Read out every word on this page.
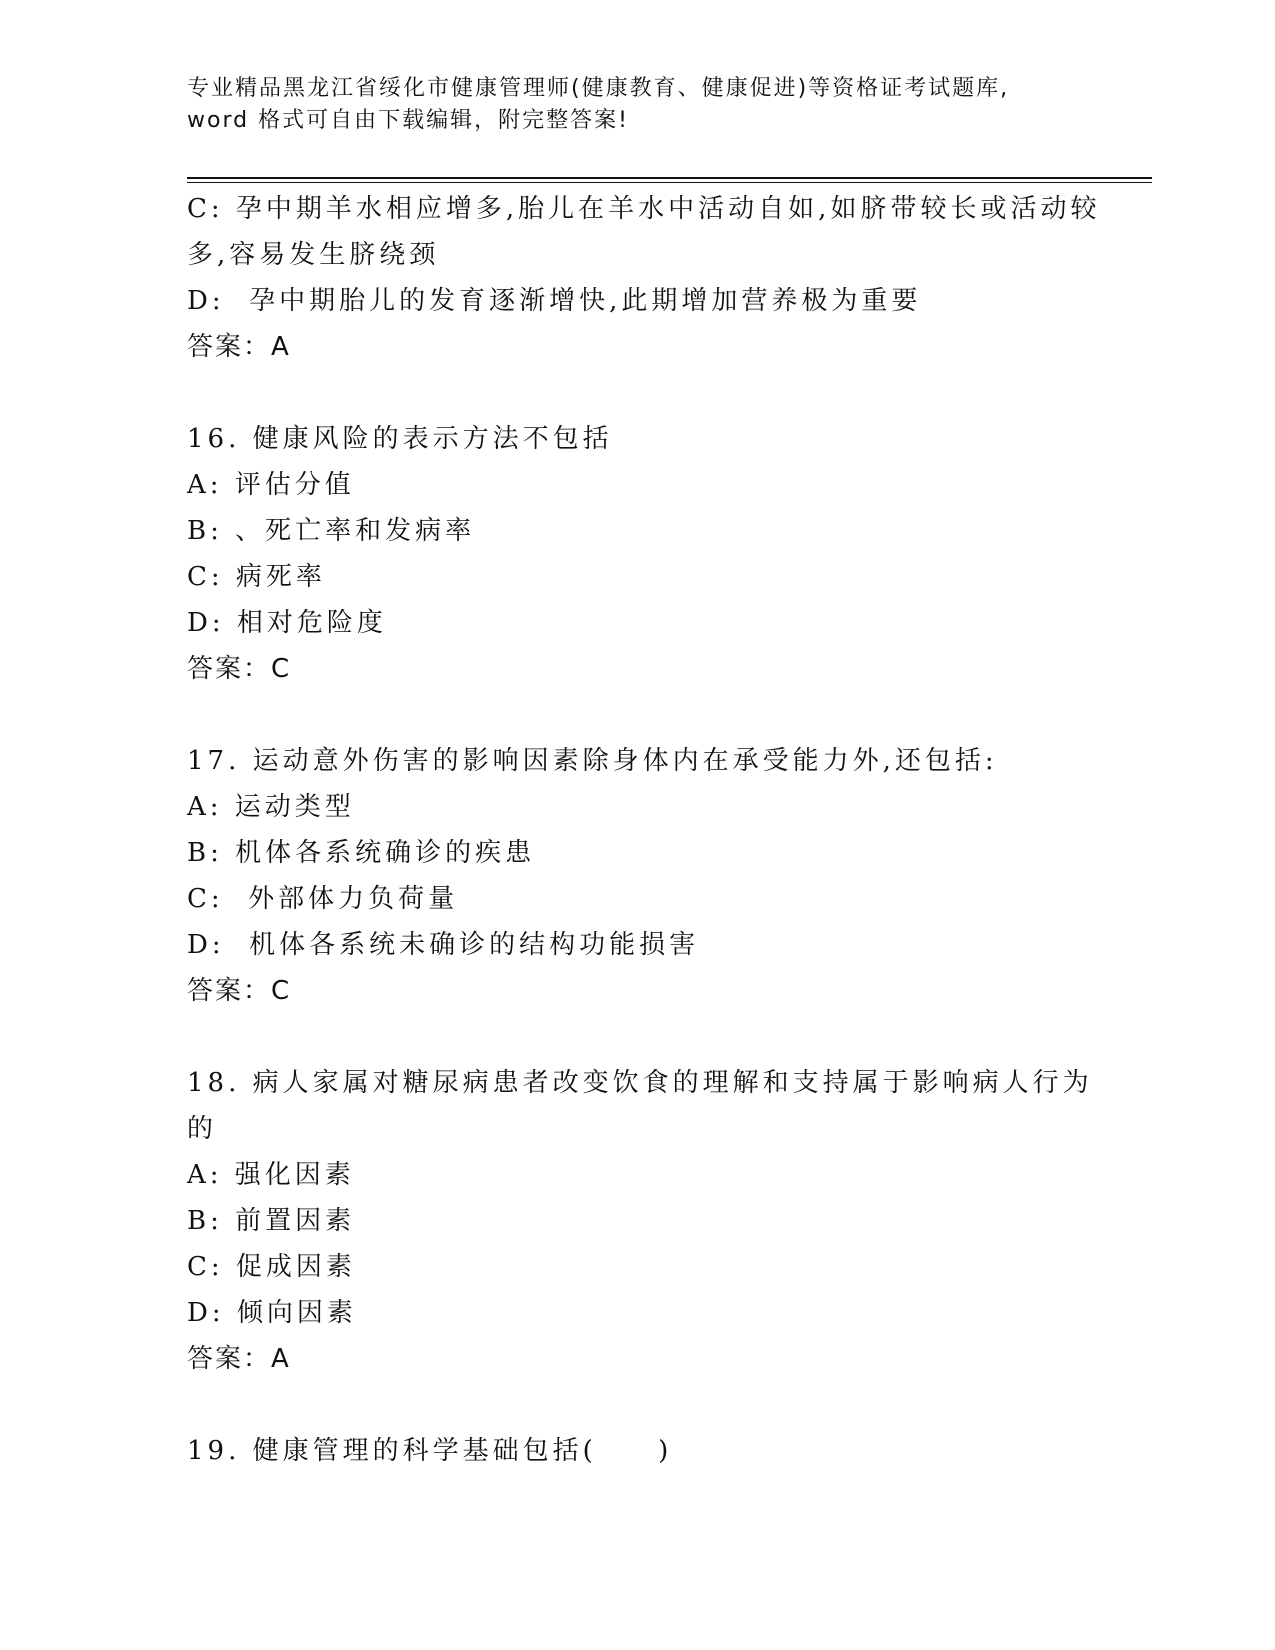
专业精品黑龙江省绥化市健康管理师(健康教育、健康促进)等资格证考试题库,
word 格式可自由下载编辑，附完整答案!
C: 孕中期羊水相应增多,胎儿在羊水中活动自如,如脐带较长或活动较
多,容易发生脐绕颈
D:  孕中期胎儿的发育逐渐增快,此期增加营养极为重要
答案：A
16. 健康风险的表示方法不包括
A: 评估分值
B: 、死亡率和发病率
C: 病死率
D: 相对危险度
答案：C
17. 运动意外伤害的影响因素除身体内在承受能力外,还包括:
A: 运动类型
B: 机体各系统确诊的疾患
C:  外部体力负荷量
D:  机体各系统未确诊的结构功能损害
答案：C
18. 病人家属对糖尿病患者改变饮食的理解和支持属于影响病人行为
的
A: 强化因素
B: 前置因素
C: 促成因素
D: 倾向因素
答案：A
19. 健康管理的科学基础包括(     )
